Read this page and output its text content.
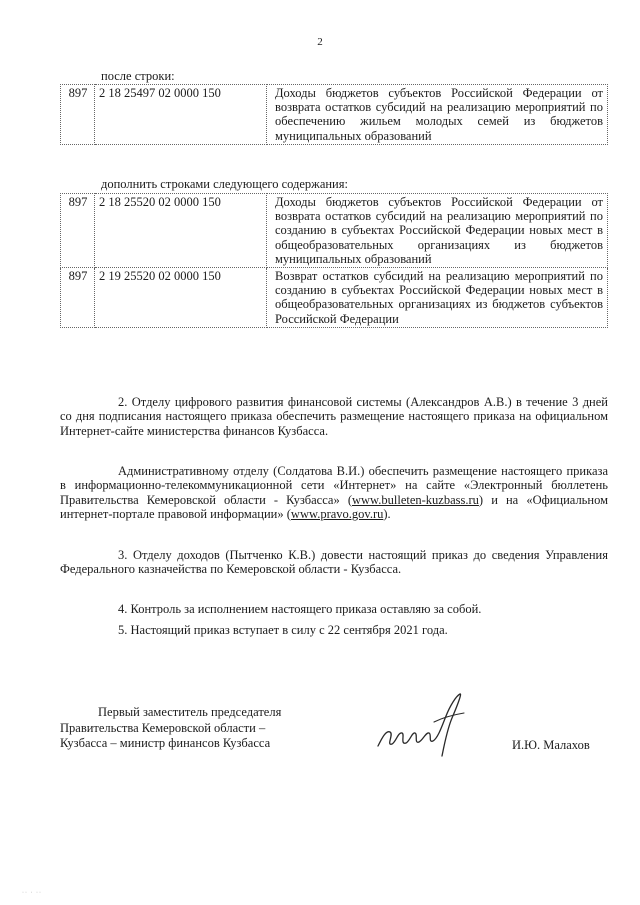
2
после строки:
897	2 18 25497 02 0000 150	Доходы бюджетов субъектов Российской Федерации от возврата остатков субсидий на реализацию мероприятий по обеспечению жильем молодых семей из бюджетов муниципальных образований
дополнить строками следующего содержания:
897	2 18 25520 02 0000 150	Доходы бюджетов субъектов Российской Федерации от возврата остатков субсидий на реализацию мероприятий по созданию в субъектах Российской Федерации новых мест в общеобразовательных организациях из бюджетов муниципальных образований
897	2 19 25520 02 0000 150	Возврат остатков субсидий на реализацию мероприятий по созданию в субъектах Российской Федерации новых мест в общеобразовательных организациях из бюджетов субъектов Российской Федерации
2. Отделу цифрового развития финансовой системы (Александров А.В.) в течение 3 дней со дня подписания настоящего приказа обеспечить размещение настоящего приказа на официальном Интернет-сайте министерства финансов Кузбасса.
Административному отделу (Солдатова В.И.) обеспечить размещение настоящего приказа в информационно-телекоммуникационной сети «Интернет» на сайте «Электронный бюллетень Правительства Кемеровской области - Кузбасса» (www.bulleten-kuzbass.ru) и на «Официальном интернет-портале правовой информации» (www.pravo.gov.ru).
3. Отделу доходов (Пытченко К.В.) довести настоящий приказ до сведения Управления Федерального казначейства по Кемеровской области - Кузбасса.
4. Контроль за исполнением настоящего приказа оставляю за собой.
5. Настоящий приказ вступает в силу с 22 сентября 2021 года.
Первый заместитель председателя
Правительства Кемеровской области –
Кузбасса – министр финансов Кузбасса	И.Ю. Малахов
·· · ··
